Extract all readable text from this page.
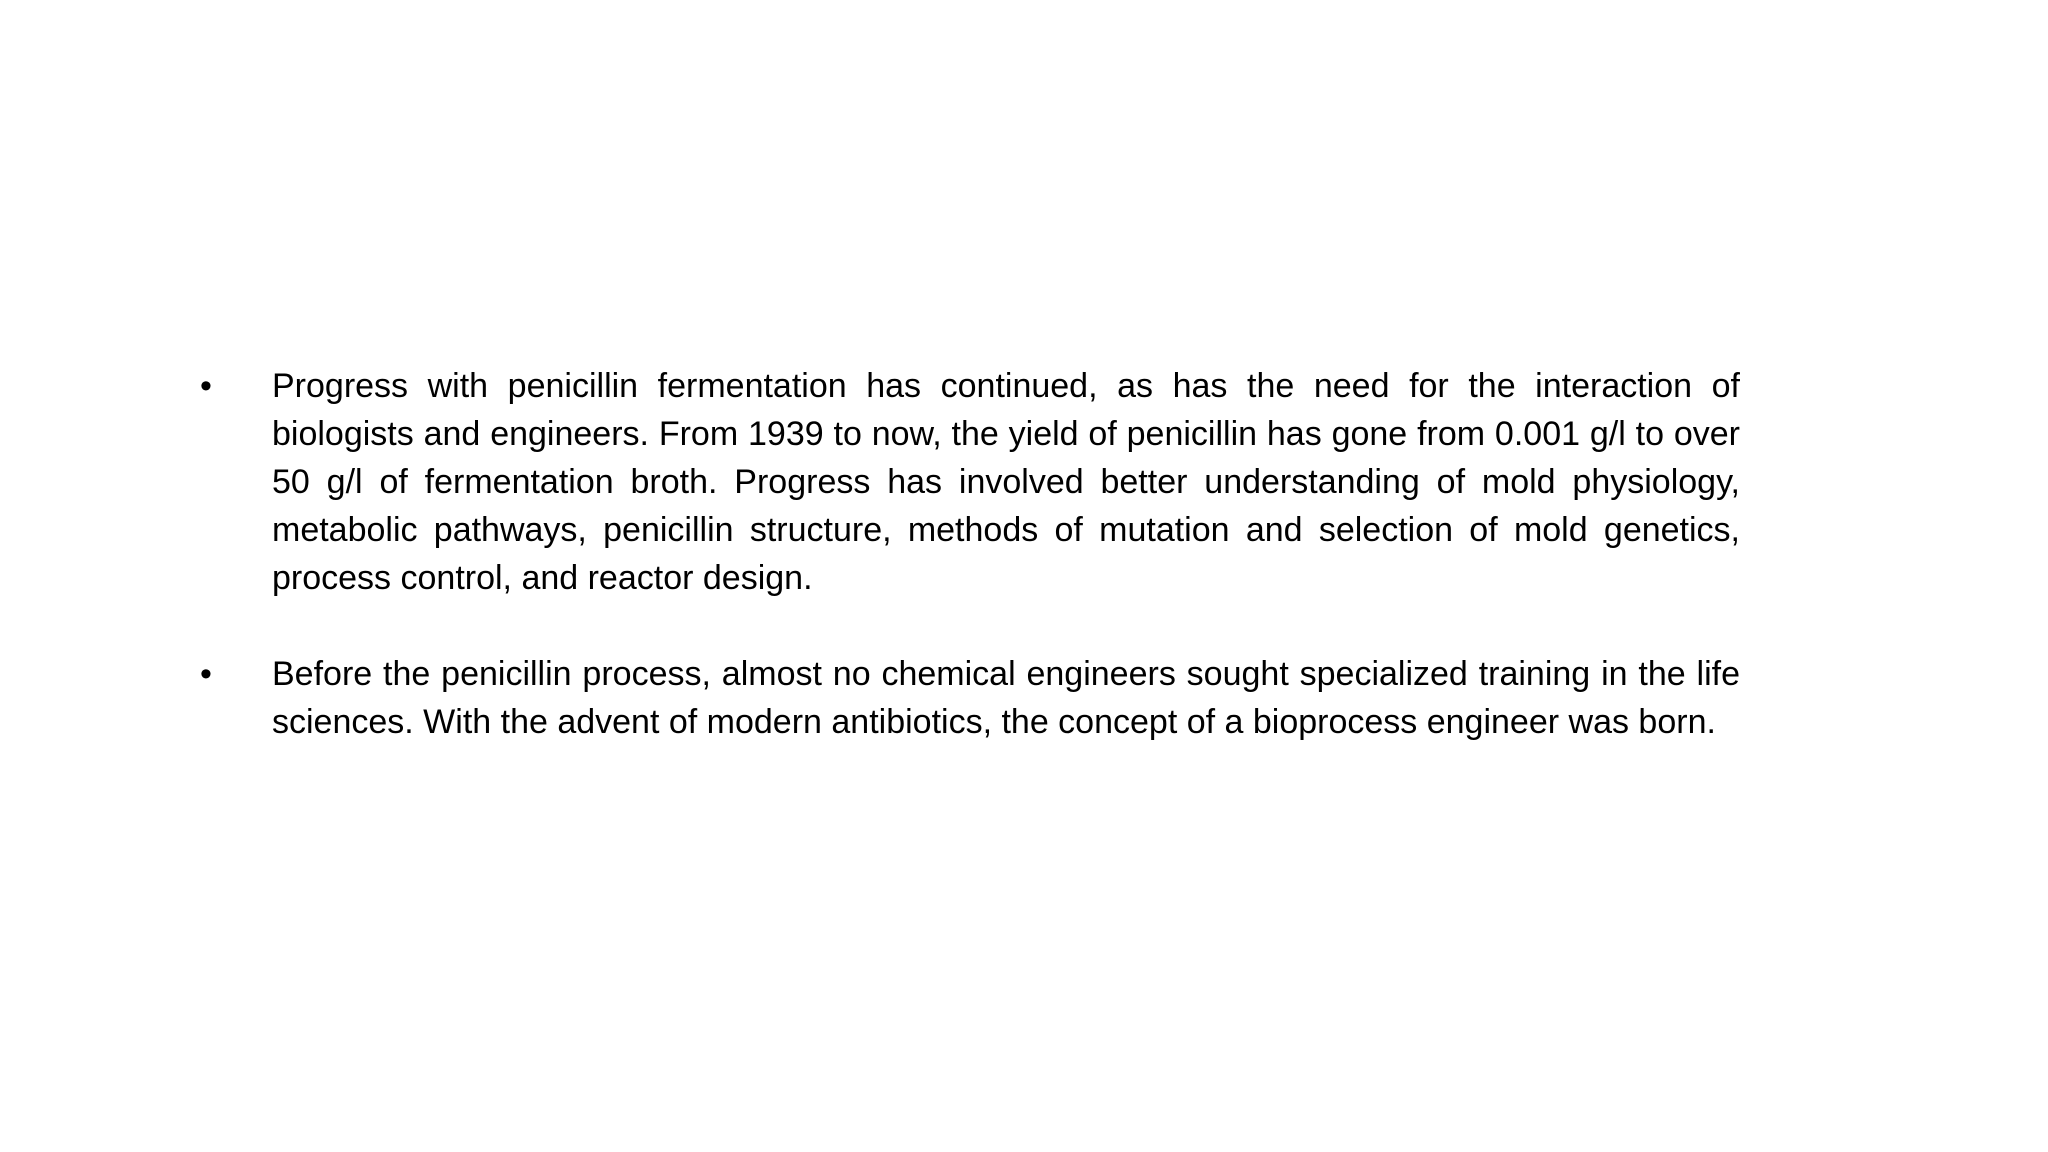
•	Progress with penicillin fermentation has continued, as has the need for the interaction of biologists and engineers. From 1939 to now, the yield of penicillin has gone from 0.001 g/l to over 50 g/l of fermentation broth. Progress has involved better understanding of mold physiology, metabolic pathways, penicillin structure, methods of mutation and selection of mold genetics, process control, and reactor design.

•	Before the penicillin process, almost no chemical engineers sought specialized training in the life sciences. With the advent of modern antibiotics, the concept of a bioprocess engineer was born.
